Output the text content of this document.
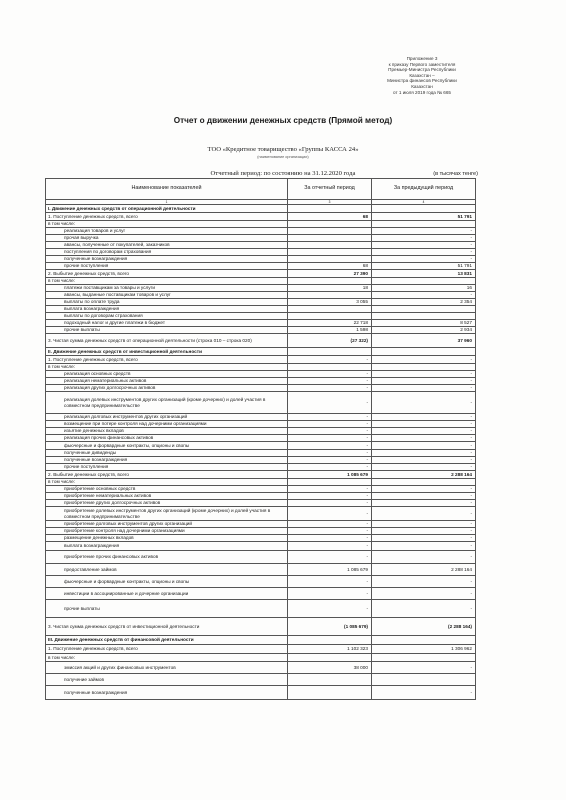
Приложение 3
к приказу Первого заместителя
Премьер-Министра Республики
Казахстан –
Министра финансов Республики
Казахстан
от 1 июля 2019 года № 665
Отчет о движении денежных средств (Прямой метод)
ТОО «Кредитное товарищество «Группы КАССА 24»
(наименование организации)
Отчетный период: по состоянию на 31.12.2020 года	(в тысячах тенге)
Наименование показателей	За отчетный период	За предыдущий период
1	3	4
I. Движение денежных средств от операционной деятельности		
1. Поступление денежных средств, всего	68	51 791
в том числе:		
реализация товаров и услуг		-
прочая выручка		-
авансы, полученные от покупателей, заказчиков		-
поступления по договорам страхования		-
полученные вознаграждения		-
прочие поступления	68	51 791
2. Выбытие денежных средств, всего	27 390	13 831
в том числе:		
платежи поставщикам за товары и услуги	18	16
авансы, выданные поставщикам товаров и услуг		-
выплаты по оплате труда	3 055	2 354
выплата вознаграждения		
выплаты по договорам страхования		
подоходный налог и другие платежи в бюджет	22 718	8 527
прочие выплаты	1 598	2 934
3. Чистая сумма денежных средств от операционной деятельности (строка 010 – строка 020)	(27 322)	37 960
II. Движение денежных средств от инвестиционной деятельности		
1. Поступление денежных средств, всего	-	-
в том числе:		
реализация основных средств	-	-
реализация нематериальных активов	-	-
реализация других долгосрочных активов	-	-
реализация долевых инструментов других организаций (кроме дочерних) и долей участия в совместном предпринимательстве	-	-
реализация долговых инструментов других организаций	-	-
возмещение при потере контроля над дочерними организациями	-	-
изъятие денежных вкладов	-	-
реализация прочих финансовых активов	-	-
фьючерсные и форвардные контракты, опционы и свопы	-	-
полученные дивиденды	-	-
полученные вознаграждения	-	-
прочие поступления	-	-
2. Выбытие денежных средств, всего	1 085 679	2 288 164
в том числе:		
приобретение основных средств	-	-
приобретение нематериальных активов	-	-
приобретение других долгосрочных активов	-	-
приобретение долевых инструментов других организаций (кроме дочерних) и долей участия в совместном предпринимательстве	-	-
приобретение долговых инструментов других организаций	-	-
приобретение контроля над дочерними организациями	-	-
размещение денежных вкладов	-	-
выплата вознаграждения	-	-
приобретение прочих финансовых активов	-	-
предоставление займов	1 085 679	2 288 164
фьючерсные и форвардные контракты, опционы и свопы	-	-
инвестиции в ассоциированные и дочерние организации	-	-
прочие выплаты	-	-
3. Чистая сумма денежных средств от инвестиционной деятельности	(1 085 679)	(2 288 164)
III. Движение денежных средств от финансовой деятельности		
1. Поступление денежных средств, всего	1 102 323	1 306 962
в том числе:		
эмиссия акций и других финансовых инструментов	38 000	-
получение займов		
полученные вознаграждения		-
